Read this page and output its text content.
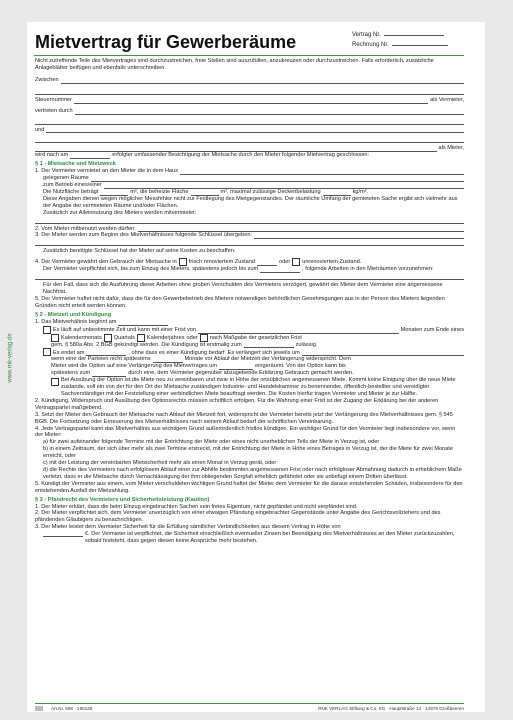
Mietvertrag für Gewerberäume	Vertrag Nr.
Rechnung Nr.
www.rnk-verlag.de

Nicht zutreffende Teile des Mietvertrages sind durchzustreichen, freie Stellen sind auszufüllen, anzukreuzen oder durchzustreichen. Falls erforderlich, zusätzliche Anlageblätter beifügen und ebenfalls unterschreiben.

Zwischen
Steuernummer	als Vermieter,
vertreten durch
und
als Mieter,
wird nach am	erfolgter umfassender Besichtigung der Mietsache durch den Mieter folgender Mietvertrag geschlossen:

§ 1 - Mietsache und Mietzweck

1. Der Vermieter vermietet an den Mieter die in dem Haus
gelegenen Räume
zum Betrieb eines/einer
Die Nutzfläche beträgt	m², die beheizte Fläche	m², maximal zulässige Deckenbelastung	kg/m².

Diese Angaben dienen wegen möglicher Messfehler nicht zur Festlegung des Mietgegenstandes. Der räumliche Umfang der gemieteten Sache ergibt sich vielmehr aus der Angabe der vermieteten Räume und/oder Flächen.

Zusätzlich zur Alleinnutzung des Mieters werden mitvermietet:

2. Vom Mieter mitbenutzt werden dürfen:
3. Der Mieter werden zum Beginn des Mietverhältnisses folgende Schlüssel übergeben:

Zusätzlich benötigte Schlüssel hat der Mieter auf seine Kosten zu beschaffen.

4. Der Vermieter gewährt den Gebrauch der Mietsache in frisch renoviertem Zustand	oder unrenoviertem Zustand.
Der Vermieter verpflichtet sich, bis zum Einzug des Mieters, spätestens jedoch bis zum	, folgende Arbeiten in den Mieträumen vorzunehmen:

Für den Fall, dass sich die Ausführung dieser Arbeiten ohne groben Verschulden des Vermieters verzögert, gewährt der Mieter dem Vermieter eine angemessene Nachfrist.

5. Der Vermieter haftet nicht dafür, dass die für den Gewerbebetrieb des Mieters notwendigen behördlichen Genehmigungen aus in der Person des Mieters liegenden Gründen nicht erteilt werden können.

§ 2 - Mietzeit und Kündigung

1. Das Mietverhältnis beginnt am
Es läuft auf unbestimmte Zeit und kann mit einer Frist von	Monaten zum Ende eines
Kalendermonats Quartals Kalenderjahres oder nach Maßgabe der gesetzlichen Frist
gem. § 580a Abs. 2 BGB gekündigt werden. Die Kündigung ist erstmalig zum	zulässig.
Es endet am	, ohne dass es einer Kündigung bedarf. Es verlängert sich jeweils um
wenn eine der Parteien nicht spätestens	Monate vor Ablauf der Mietzeit der Verlängerung widerspricht. Dem
Mieter wird die Option auf eine Verlängerung des Mietvertrages um	eingeräumt. Von der Option kann bis
spätestens zum	durch eine, dem Vermieter gegenüber abzugebende Erklärung Gebrauch gemacht werden.
Bei Ausübung der Option ist die Miete neu zu vereinbaren und zwar in Höhe der ortsüblichen angemessenen Miete. Kommt keine Einigung über die neue Miete zustande, soll ein von der für den Ort der Mietsache zuständigen Industrie- und Handelskammer zu benennender, öffentlich-bestellter und vereidigter Sachverständiger mit der Feststellung einer verbindlichen Miete beauftragt werden. Die Kosten hierfür tragen Vermieter und Mieter je zur Hälfte.

2. Kündigung, Widerspruch und Ausübung des Optionsrechts müssen schriftlich erfolgen. Für die Wahrung einer Frist ist der Zugang der Erklärung bei der anderen Vertragspartei maßgebend.

3. Setzt der Mieter den Gebrauch der Mietsache nach Ablauf der Mietzeit fort, widerspricht der Vermieter bereits jetzt der Verlängerung des Mietverhältnisses gem. § 545 BGB. Die Fortsetzung oder Erneuerung des Mietverhältnisses nach seinem Ablauf bedarf der schriftlichen Vereinbarung.

4. Jede Vertragspartei kann das Mietverhältnis aus wichtigem Grund außerordentlich fristlos kündigen. Ein wichtiger Grund für den Vermieter liegt insbesondere vor, wenn der Mieter:

a) für zwei aufeinander folgende Termine mit der Entrichtung der Miete oder eines nicht unerheblichen Teils der Miete in Verzug ist, oder

b) in einem Zeitraum, der sich über mehr als zwei Termine erstreckt, mit der Entrichtung der Miete in Höhe eines Betrages in Verzug ist, der die Miete für zwei Monate erreicht, oder

c) mit der Leistung der vereinbarten Mietsicherheit mehr als einen Monat in Verzug gerät, oder

d) die Rechte des Vermieters nach erfolglosem Ablauf einer zur Abhilfe bestimmten angemessenen Frist oder nach erfolgloser Abmahnung dadurch in erheblichem Maße verletzt, dass er die Mietsache durch Vernachlässigung der ihm obliegenden Sorgfalt erheblich gefährdet oder sie unbefugt einem Dritten überlässt.

5. Kündigt der Vermieter aus einem, vom Mieter verschuldeten wichtigen Grund haftet der Mieter dem Vermieter für die daraus entstehenden Schäden, insbesondere für den entstehenden Ausfall der Mietzahlung.

§ 3 - Pfandrecht des Vermieters und Sicherheitsleistung (Kaution)

1. Der Mieter erklärt, dass die beim Einzug eingebrachten Sachen sein freies Eigentum, nicht gepfändet und nicht verpfändet sind.

2. Der Mieter verpflichtet sich, dem Vermieter unverzüglich von einer etwaigen Pfändung eingebrachter Gegenstände unter Angabe des Gerichtsvollziehers und des pfändenden Gläubigers zu benachrichtigen.

3. Der Mieter leistet dem Vermieter Sicherheit für die Erfüllung sämtlicher Verbindlichkeiten aus diesem Vertrag in Höhe von

€. Der Vermieter ist verpflichtet, die Sicherheit einschließlich eventueller Zinsen bei Beendigung des Mietverhältnisses an den Mieter zurückzuzahlen, sobald feststeht, dass gegen diesen keine Ansprüche mehr bestehen.
Art.Nr. 598 · 190128	RNK VERLAG Stiftung & Co. KG · Hauptstraße 14 · 14979 Großbeeren
